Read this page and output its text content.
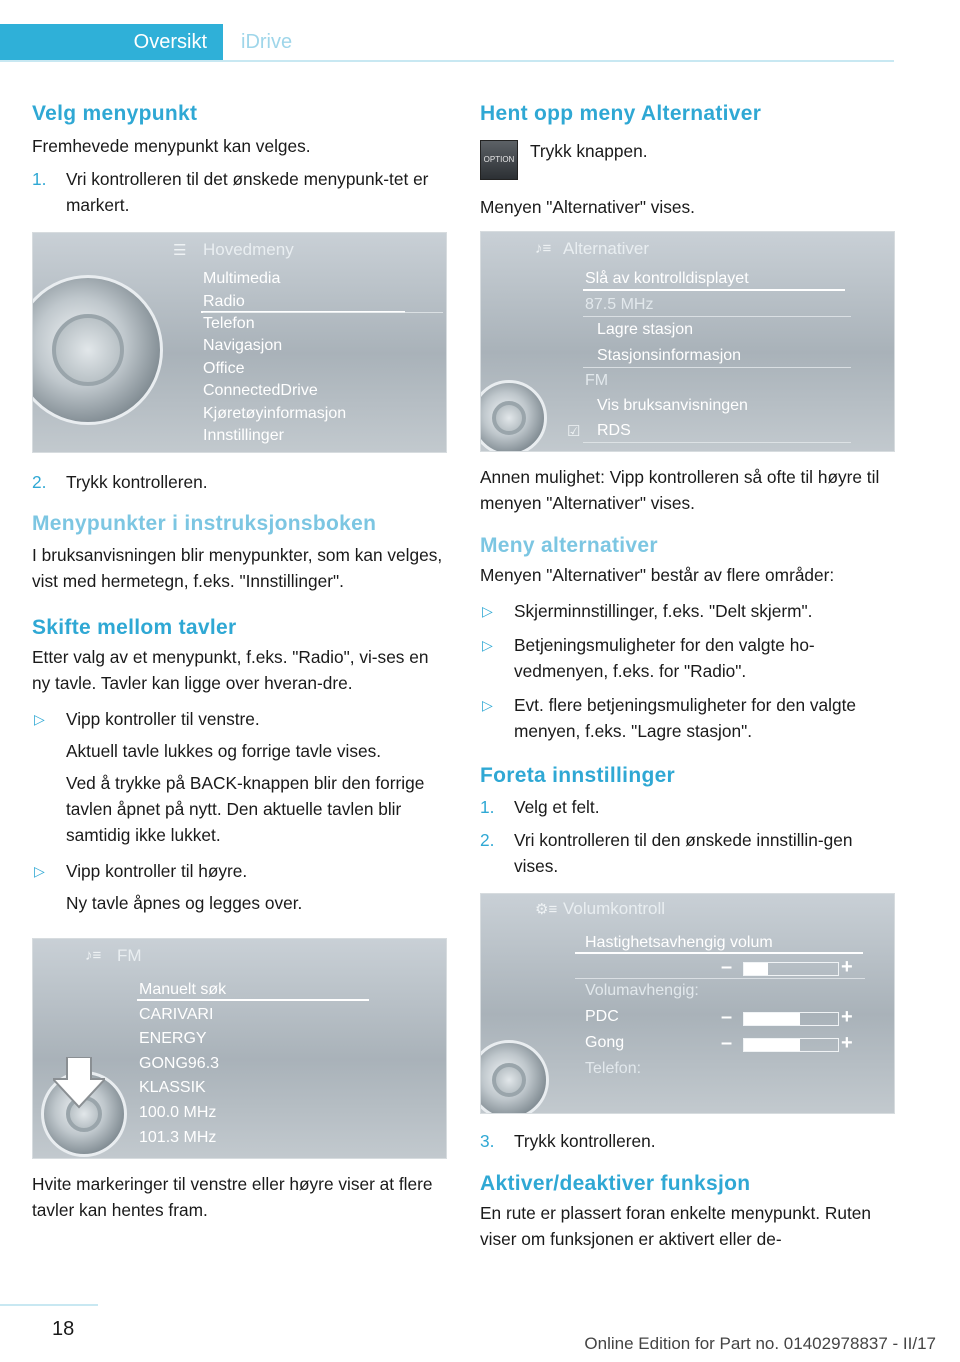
Oversikt	iDrive
Velg menypunkt

Fremhevede menypunkt kan velges.

1. Vri kontrolleren til det ønskede menypunk-tet er markert.
☰ Hovedmeny
Multimedia
Radio
Telefon
Navigasjon
Office
ConnectedDrive
Kjøretøyinformasjon
Innstillinger
2. Trykk kontrolleren.
Menypunkter i instruksjonsboken

I bruksanvisningen blir menypunkter, som kan velges, vist med hermetegn, f.eks. "Innstillinger".

Skifte mellom tavler

Etter valg av et menypunkt, f.eks. "Radio", vi-ses en ny tavle. Tavler kan ligge over hveran-dre.

▷ Vipp kontroller til venstre.
Aktuell tavle lukkes og forrige tavle vises.
Ved å trykke på BACK-knappen blir den forrige tavlen åpnet på nytt. Den aktuelle tavlen blir samtidig ikke lukket.
▷ Vipp kontroller til høyre.
Ny tavle åpnes og legges over.
♪≡ FM
Manuelt søk
CARIVARI
ENERGY
GONG96.3
KLASSIK
100.0 MHz
101.3 MHz

Hvite markeringer til venstre eller høyre viser at flere tavler kan hentes fram.

Hent opp meny Alternativer
OPTION Trykk knappen.

Menyen "Alternativer" vises.

♪≡ Alternativer
Slå av kontrolldisplayet
87.5 MHz
Lagre stasjon
Stasjonsinformasjon
FM
Vis bruksanvisningen
☑ RDS

Annen mulighet: Vipp kontrolleren så ofte til høyre til menyen "Alternativer" vises.

Meny alternativer

Menyen "Alternativer" består av flere områder:

▷ Skjerminnstillinger, f.eks. "Delt skjerm".
▷ Betjeningsmuligheter for den valgte ho-vedmenyen, f.eks. for "Radio".
▷ Evt. flere betjeningsmuligheter for den valgte menyen, f.eks. "Lagre stasjon".
Foreta innstillinger
1. Velg et felt.
2. Vri kontrolleren til den ønskede innstillin-gen vises.
⚙≡ Volumkontroll
Hastighetsavhengig volum
–	+
Volumavhengig:
PDC	–	+
Gong	–	+
Telefon:
3. Trykk kontrolleren.
Aktiver/deaktiver funksjon

En rute er plassert foran enkelte menypunkt. Ruten viser om funksjonen er aktivert eller de-

18
Online Edition for Part no. 01402978837 - II/17
